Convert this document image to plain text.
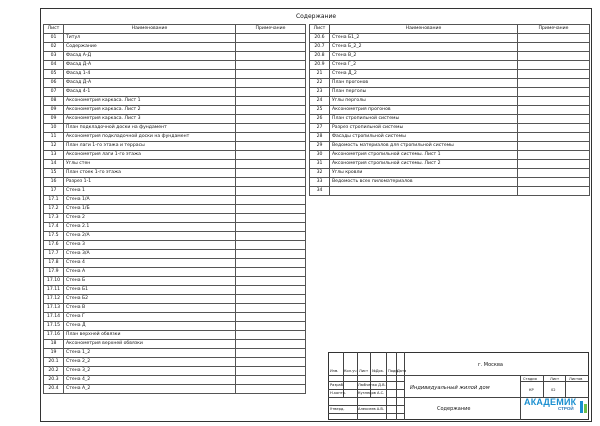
Содержание
Лист	Наименование	Примечание
01	Титул	
02	Содержание	
03	Фасад А-Д	
04	Фасад Д-А	
05	Фасад 1-4	
06	Фасад Д-А	
07	Фасад 4-1	
08	Аксонометрия каркаса. Лист 1	
09	Аксонометрия каркаса. Лист 2	
09	Аксонометрия каркаса. Лист 3	
10	План подкладочной доски на фундамент	
11	Аксонометрия подкладочной доски на фундамент	
12	План лаги 1-го этажа и террасы	
13	Аксонометрия лаги 1-го этажа	
14	Углы стен	
15	План стоек 1-го этажа	
16	Разрез 1-1	
17	Стена 1	
17.1	Стена 1/А	
17.2	Стена 1/Б	
17.3	Стена 2	
17.4	Стена 2.1	
17.5	Стена 2/А	
17.6	Стена 3	
17.7	Стена 3/А	
17.8	Стена 4	
17.9	Стена А	
17.10	Стена Б	
17.11	Стена Б1	
17.12	Стена Б2	
17.13	Стена В	
17.14	Стена Г	
17.15	Стена Д	
17.16	План верхней обвязки	
18	Аксонометрия верхней обвязки	
19	Стена 1_2	
20.1	Стена 2_2	
20.2	Стена 3_2	
20.3	Стена 4_2	
20.4	Стена А_2	
Лист	Наименование	Примечание
20.6	Стена Б1_2	
20.7	Стена Б_2_2	
20.8	Стена В_2	
20.9	Стена Г_2	
21	Стена Д_2	
22	План прогонов	
23	План перголы	
24	Углы перголы	
25	Аксонометрия прогонов	
26	План стропильной системы	
27	Разрез стропильной системы	
28	Фасады стропильной системы	
29	Ведомость материалов для стропильной системы	
30	Аксонометрия стропильной системы. Лист 1	
31	Аксонометрия стропильной системы. Лист 2	
32	Углы кровли	
33	Ведомость всех пиломатериалов	
34		
Изм. Кол.уч Лист №Док. Подп.
Дата
Разраб.	Любченко Д.В.
Н.контр.	Кузнецов А.С.
Утверд.	Алексеев А.В.
г. Москва
Индивидуальный жилой дом
Содержание
Стадия	Лист	Листов
КР	02
АКАДЕМИК
СТРОЙ
